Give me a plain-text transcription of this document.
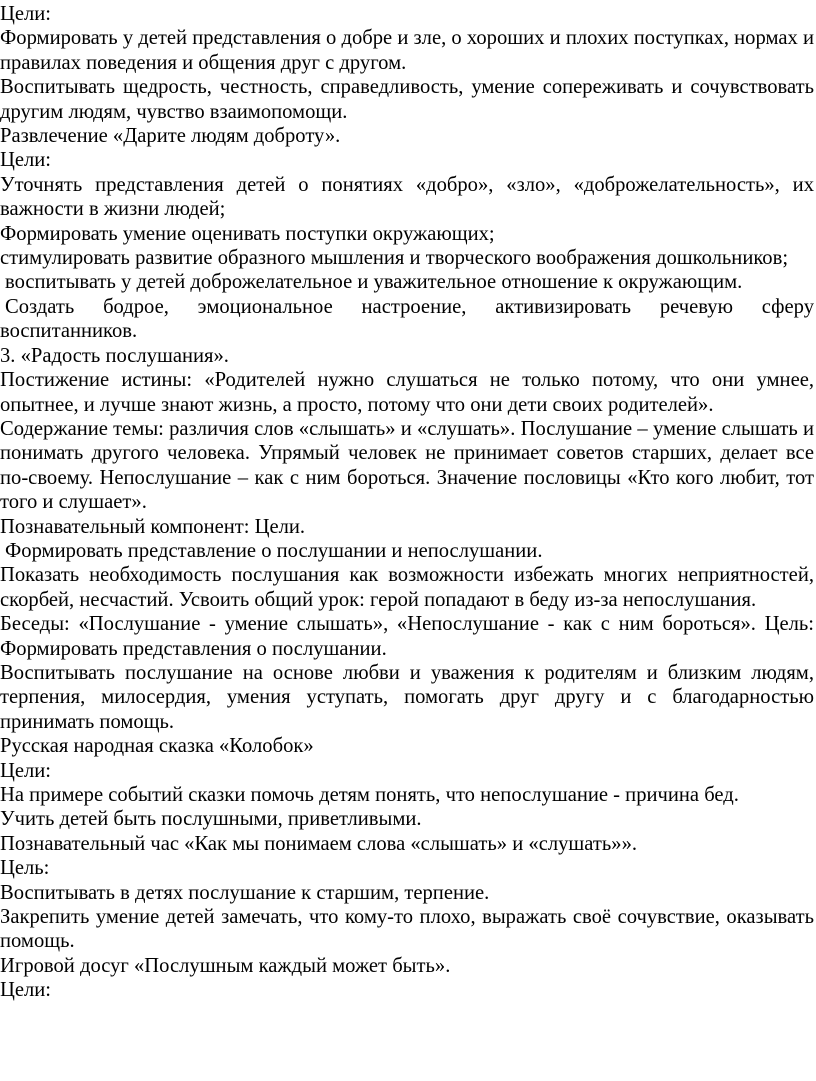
Цели:

Формировать у детей представления о добре и зле, о хороших и плохих поступках, нормах и правилах поведения и общения друг с другом.

Воспитывать щедрость, честность, справедливость, умение сопереживать и сочувствовать другим людям, чувство взаимопомощи.

Развлечение «Дарите людям доброту».

Цели:

Уточнять представления детей о понятиях «добро», «зло», «доброжелательность», их важности в жизни людей;

Формировать умение оценивать поступки окружающих;

стимулировать развитие образного мышления и творческого воображения дошкольников;

воспитывать у детей доброжелательное и уважительное отношение к окружающим.

Создать бодрое, эмоциональное настроение, активизировать речевую сферу воспитанников.

3. «Радость послушания».

Постижение истины: «Родителей нужно слушаться не только потому, что они умнее, опытнее, и лучше знают жизнь, а просто, потому что они дети своих родителей».

Содержание темы: различия слов «слышать» и «слушать». Послушание – умение слышать и понимать другого человека. Упрямый человек не принимает советов старших, делает все по-своему. Непослушание – как с ним бороться. Значение пословицы «Кто кого любит, тот того и слушает».

Познавательный компонент: Цели.

Формировать представление о послушании и непослушании.

Показать необходимость послушания как возможности избежать многих неприятностей, скорбей, несчастий. Усвоить общий урок: герой попадают в беду из-за непослушания.

Беседы: «Послушание - умение слышать», «Непослушание - как с ним бороться». Цель: Формировать представления о послушании.

Воспитывать послушание на основе любви и уважения к родителям и близким людям, терпения, милосердия, умения уступать, помогать друг другу и с благодарностью принимать помощь.

Русская народная сказка «Колобок»

Цели:

На примере событий сказки помочь детям понять, что непослушание - причина бед.

Учить детей быть послушными, приветливыми.

Познавательный час «Как мы понимаем слова «слышать» и «слушать»».

Цель:

Воспитывать в детях послушание к старшим, терпение.

Закрепить умение детей замечать, что кому-то плохо, выражать своё сочувствие, оказывать помощь.

Игровой досуг «Послушным каждый может быть».

Цели:
